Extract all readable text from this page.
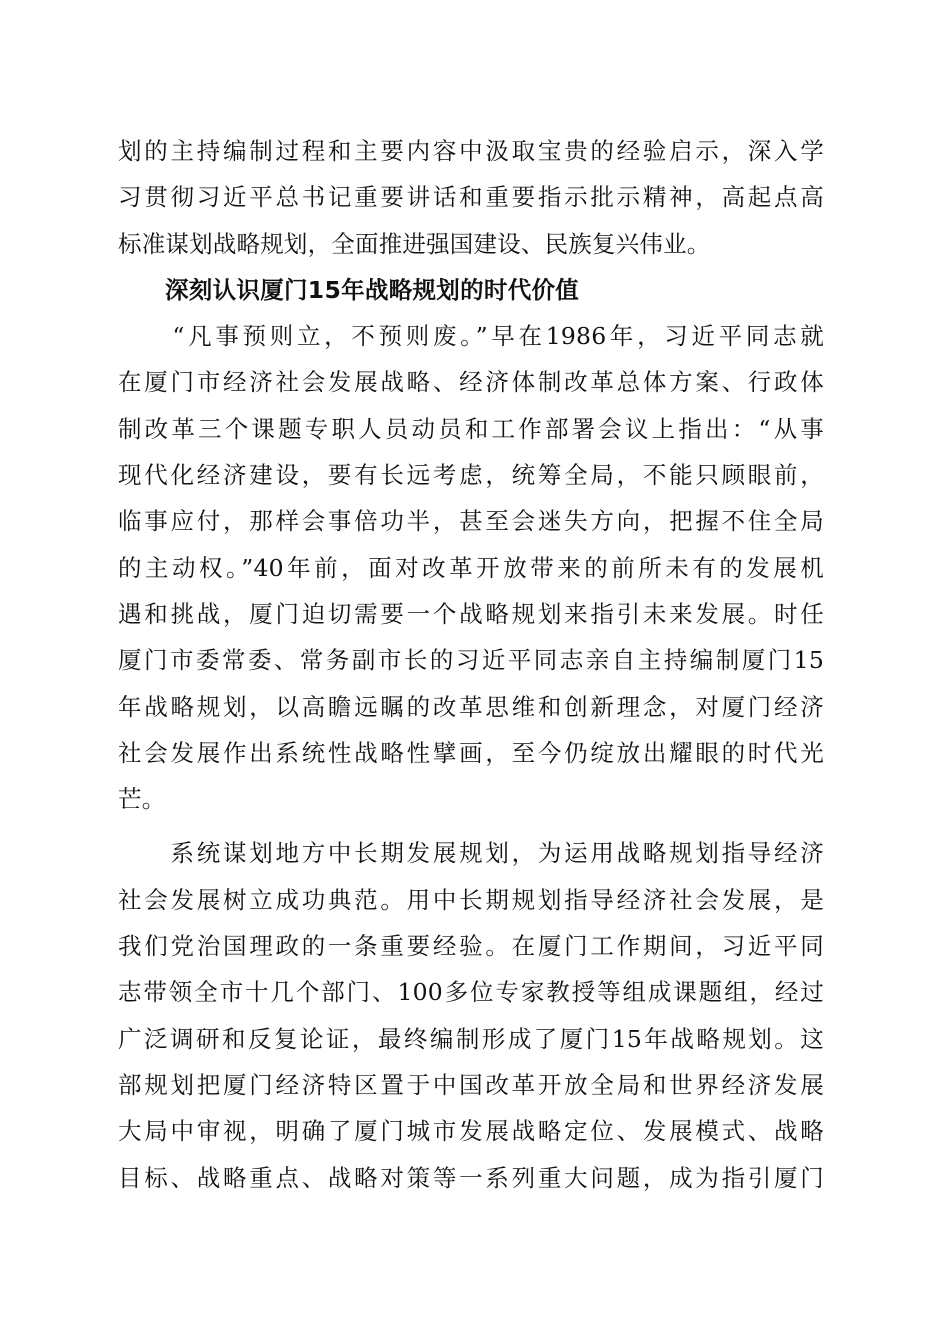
划的主持编制过程和主要内容中汲取宝贵的经验启示，深入学
习贯彻习近平总书记重要讲话和重要指示批示精神，高起点高
标准谋划战略规划，全面推进强国建设、民族复兴伟业。
深刻认识厦门15年战略规划的时代价值
　　“凡事预则立，不预则废。”早在1986年，习近平同志就
在厦门市经济社会发展战略、经济体制改革总体方案、行政体
制改革三个课题专职人员动员和工作部署会议上指出：“从事
现代化经济建设，要有长远考虑，统筹全局，不能只顾眼前，
临事应付，那样会事倍功半，甚至会迷失方向，把握不住全局
的主动权。”40年前，面对改革开放带来的前所未有的发展机
遇和挑战，厦门迫切需要一个战略规划来指引未来发展。时任
厦门市委常委、常务副市长的习近平同志亲自主持编制厦门15
年战略规划，以高瞻远瞩的改革思维和创新理念，对厦门经济
社会发展作出系统性战略性擘画，至今仍绽放出耀眼的时代光
芒。
　　系统谋划地方中长期发展规划，为运用战略规划指导经济
社会发展树立成功典范。用中长期规划指导经济社会发展，是
我们党治国理政的一条重要经验。在厦门工作期间，习近平同
志带领全市十几个部门、100多位专家教授等组成课题组，经过
广泛调研和反复论证，最终编制形成了厦门15年战略规划。这
部规划把厦门经济特区置于中国改革开放全局和世界经济发展
大局中审视，明确了厦门城市发展战略定位、发展模式、战略
目标、战略重点、战略对策等一系列重大问题，成为指引厦门
